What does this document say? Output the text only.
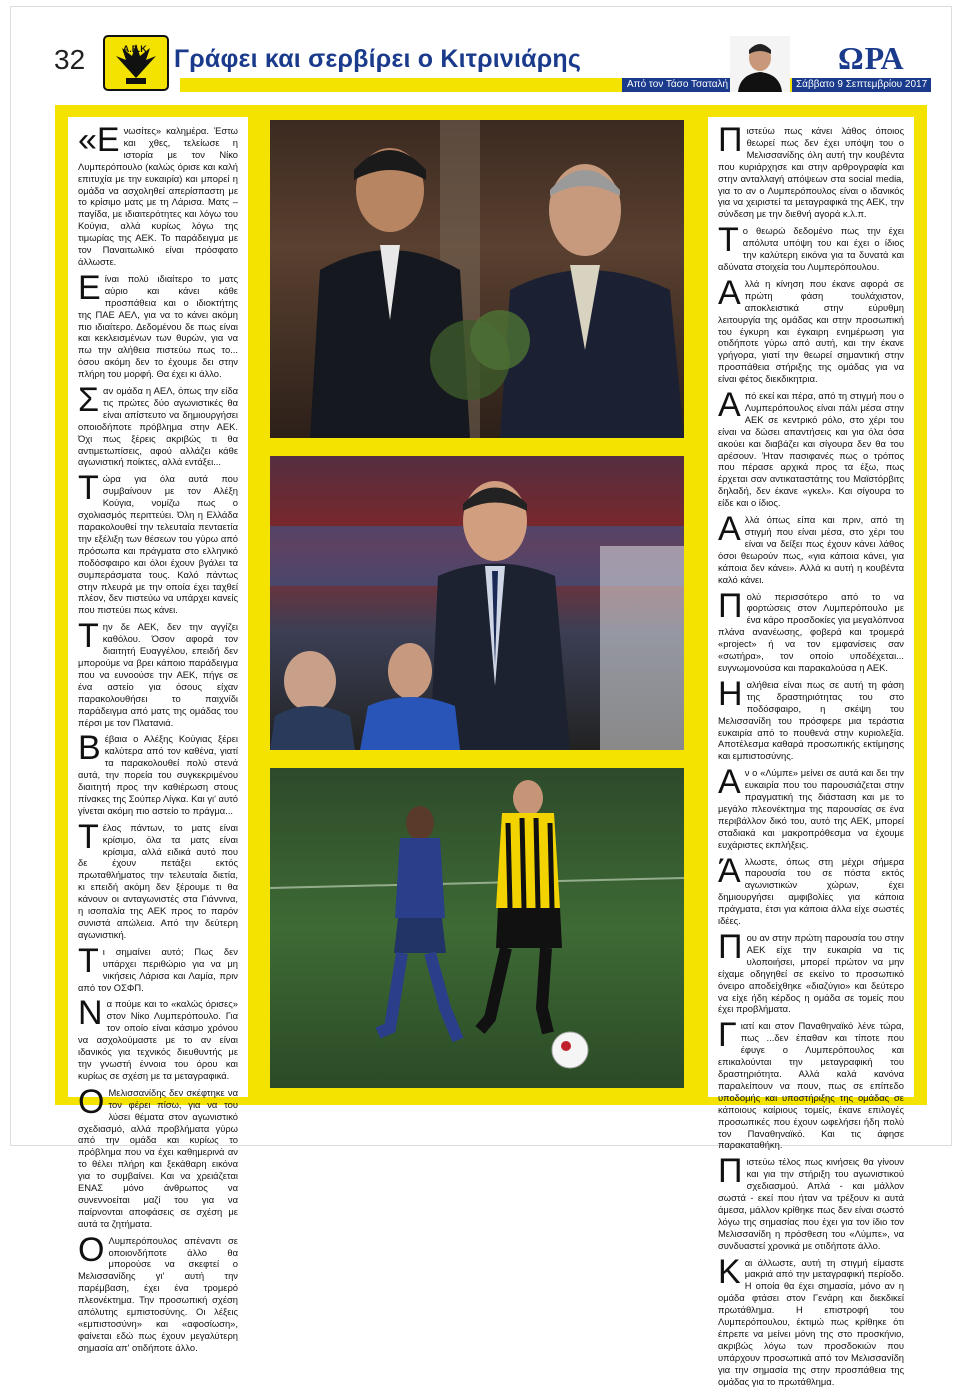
32	Α.Ε.Κ. Γράφει και σερβίρει ο Κιτρινιάρης
Από τον Τάσο Τσαταλή	Σάββατο 9 Σεπτεμβρίου 2017
ΩΡΑ

«Ενωσίτες» καλημέρα. Έστω και χθες, τελείωσε η ιστορία με τον Νίκο Λυμπερόπουλο (καλώς όρισε και καλή επιτυχία με την ευκαιρία) και μπορεί η ομάδα να ασχοληθεί απερίσπαστη με το κρίσιμο ματς με τη Λάρισα. Ματς – παγίδα, με ιδιαιτερότητες και λόγω του Κούγια, αλλά κυρίως λόγω της τιμωρίας της ΑΕΚ. Το παράδειγμα με τον Παναιτωλικό είναι πρόσφατο άλλωστε.

Είναι πολύ ιδιαίτερο το ματς αύριο και κάνει κάθε προσπάθεια και ο ιδιοκτήτης της ΠΑΕ ΑΕΛ, για να το κάνει ακόμη πιο ιδιαίτερο. Δεδομένου δε πως είναι και κεκλεισμένων των θυρών, για να πω την αλήθεια πιστεύω πως το... όσου ακόμη δεν το έχουμε δει στην πλήρη του μορφή. Θα έχει κι άλλο.

Σαν ομάδα η ΑΕΛ, όπως την είδα τις πρώτες δύο αγωνιστικές θα είναι απίστευτο να δημιουργήσει οποιοδήποτε πρόβλημα στην ΑΕΚ. Όχι πως ξέρεις ακριβώς τι θα αντιμετωπίσεις, αφού αλλάζει κάθε αγωνιστική ποίκτες, αλλά εντάξει...

Τώρα για όλα αυτά που συμβαίνουν με τον Αλέξη Κούγια, νομίζω πως ο σχολιασμός περιττεύει. Όλη η Ελλάδα παρακολουθεί την τελευταία πενταετία την εξέλιξη των θέσεων του γύρω από πρόσωπα και πράγματα στο ελληνικό ποδόσφαιρο και όλοι έχουν βγάλει τα συμπεράσματα τους. Καλό πάντως στην πλευρά με την οποία έχει ταχθεί πλέον, δεν πιστεύω να υπάρχει κανείς που πιστεύει πως κάνει.

Την δε ΑΕΚ, δεν την αγγίζει καθόλου. Όσον αφορά τον διαιτητή Ευαγγέλου, επειδή δεν μπορούμε να βρει κάποιο παράδειγμα που να ευνοούσε την ΑΕΚ, πήγε σε ένα αστείο για όσους είχαν παρακολουθήσει το παιχνίδι παράδειγμα από ματς της ομάδας του πέρσι με τον Πλατανιά.

Βέβαια ο Αλέξης Κούγιας ξέρει καλύτερα από τον καθένα, γιατί τα παρακολουθεί πολύ στενά αυτά, την πορεία του συγκεκριμένου διαιτητή προς την καθιέρωση στους πίνακες της Σούπερ Λίγκα. Και γι' αυτό γίνεται ακόμη πιο αστείο το πράγμα...

Τέλος πάντων, το ματς είναι κρίσιμο, όλα τα ματς είναι κρίσιμα, αλλά ειδικά αυτό που δε έχουν πετάξει εκτός πρωταθλήματος την τελευταία διετία, κι επειδή ακόμη δεν ξέρουμε τι θα κάνουν οι ανταγωνιστές στα Γιάννινα, η ισοπαλία της ΑΕΚ προς το παρόν συνιστά απώλεια. Από την δεύτερη αγωνιστική.

Τι σημαίνει αυτό; Πως δεν υπάρχει περιθώριο για να μη νικήσεις Λάρισα και Λαμία, πριν από τον ΟΣΦΠ.

Να πούμε και το «καλώς όρισες» στον Νίκο Λυμπερόπουλο. Για τον οποίο είναι κάσιμο χρόνου να ασχολούμαστε με το αν είναι ιδανικός για τεχνικός διευθυντής με την γνωστή έννοια του όρου και κυρίως σε σχέση με τα μεταγραφικά.

Ο Μελισσανίδης δεν σκέφτηκε να τον φέρει πίσω, για να του λύσει θέματα στον αγωνιστικό σχεδιασμό, αλλά προβλήματα γύρω από την ομάδα και κυρίως το πρόβλημα που να έχει καθημερινά αν το θέλει πλήρη και ξεκάθαρη εικόνα για το συμβαίνει. Και να χρειάζεται ΕΝΑΣ μόνο άνθρωπος να συνεννοείται μαζί του για να παίρνονται αποφάσεις σε σχέση με αυτά τα ζητήματα.

Ο Λυμπερόπουλος απέναντι σε οποιονδήποτε άλλο θα μπορούσε να σκεφτεί ο Μελισσανίδης γι' αυτή την παρέμβαση, έχει ένα τρομερό πλεονέκτημα. Την προσωπική σχέση απόλυτης εμπιστοσύνης. Οι λέξεις «εμπιστοσύνη» και «αφοσίωση», φαίνεται εδώ πως έχουν μεγαλύτερη σημασία απ' οτιδήποτε άλλο.

Πιστεύω πως κάνει λάθος όποιος θεωρεί πως δεν έχει υπόψη του ο Μελισσανίδης όλη αυτή την κουβέντα που κυριάρχησε και στην αρθρογραφία και στην ανταλλαγή απόψεων στα social media, για το αν ο Λυμπερόπουλος είναι ο ιδανικός για να χειριστεί τα μεταγραφικά της ΑΕΚ, την σύνδεση με την διεθνή αγορά κ.λ.π.

Το θεωρώ δεδομένο πως την έχει απόλυτα υπόψη του και έχει ο ίδιος την καλύτερη εικόνα για τα δυνατά και αδύνατα στοιχεία του Λυμπερόπουλου.

Αλλά η κίνηση που έκανε αφορά σε πρώτη φάση τουλάχιστον, αποκλειστικά στην εύρυθμη λειτουργία της ομάδας και στην προσωπική του έγκυρη και έγκαιρη ενημέρωση για οτιδήποτε γύρω από αυτή, και την έκανε γρήγορα, γιατί την θεωρεί σημαντική στην προσπάθεια στήριξης της ομάδας για να είναι φέτος διεκδικητρια.

Από εκεί και πέρα, από τη στιγμή που ο Λυμπερόπουλος είναι πάλι μέσα στην ΑΕΚ σε κεντρικό ρόλο, στο χέρι του είναι να δώσει απαντήσεις και για όλα όσα ακούει και διαβάζει και σίγουρα δεν θα του αρέσουν. Ήταν πασιφανές πως ο τρόπος που πέρασε αρχικά προς τα έξω, πως έρχεται σαν αντικαταστάτης του Μαϊστόρβιτς δηλαδή, δεν έκανε «γκελ». Και σίγουρα το είδε και ο ίδιος.

Αλλά όπως είπα και πριν, από τη στιγμή που είναι μέσα, στο χέρι του είναι να δείξει πως έχουν κάνει λάθος όσοι θεωρούν πως, «για κάποια κάνει, για κάποια δεν κάνει». Αλλά κι αυτή η κουβέντα καλό κάνει.

Πολύ περισσότερο από το να φορτώσεις στον Λυμπερόπουλο με ένα κάρο προσδοκίες για μεγαλόπνοα πλάνα ανανέωσης, φοβερά και τρομερά «project» ή να τον εμφανίσεις σαν «σωτήρα», τον οποίο υποδέχεται... ευγνωμονούσα και παρακαλούσα η ΑΕΚ.

Ηαλήθεια είναι πως σε αυτή τη φάση της δραστηριότητας του στο ποδόσφαιρο, η σκέψη του Μελισσανίδη του πρόσφερε μια τεράστια ευκαιρία από το πουθενά στην κυριολεξία. Αποτέλεσμα καθαρά προσωπικής εκτίμησης και εμπιστοσύνης.

Αν ο «Λύμπε» μείνει σε αυτά και δει την ευκαιρία που του παρουσιάζεται στην πραγματική της διάσταση και με το μεγάλο πλεονέκτημα της παρουσίας σε ένα περιβάλλον δικό του, αυτό της ΑΕΚ, μπορεί σταδιακά και μακροπρόθεσμα να έχουμε ευχάριστες εκπλήξεις.

Άλλωστε, όπως στη μέχρι σήμερα παρουσία του σε πόστα εκτός αγωνιστικών χώρων, έχει δημιουργήσει αμφιβολίες για κάποια πράγματα, έτσι για κάποια άλλα είχε σωστές ιδέες.

Που αν στην πρώτη παρουσία του στην ΑΕΚ είχε την ευκαιρία να τις υλοποιήσει, μπορεί πρώτον να μην είχαμε οδηγηθεί σε εκείνο το προσωπικό όνειρο αποδείχθηκε «διαζύγιο» και δεύτερο να είχε ήδη κέρδος η ομάδα σε τομείς που έχει προβλήματα.

Γιατί και στον Παναθηναϊκό λένε τώρα, πως ...δεν έπαθαν και τίποτε που έφυγε ο Λυμπερόπουλος και επικαλούνται την μεταγραφική του δραστηριότητα. Αλλά καλά κανόνα παραλείπουν να πουν, πως σε επίπεδο υποδομής και υποστήριξης της ομάδας σε κάποιους καίριους τομείς, έκανε επιλογές προσωπικές που έχουν ωφελήσει ήδη πολύ τον Παναθηναϊκό. Και τις άφησε παρακαταθήκη.

Πιστεύω τέλος πως κινήσεις θα γίνουν και για την στήριξη του αγωνιστικού σχεδιασμού. Απλά - και μάλλον σωστά - εκεί που ήταν να τρέξουν κι αυτά άμεσα, μάλλον κρίθηκε πως δεν είναι σωστό λόγω της σημασίας που έχει για τον ίδιο τον Μελισσανίδη η πρόσθεση του «Λύμπε», να συνδυαστεί χρονικά με οτιδήποτε άλλο.

Και άλλωστε, αυτή τη στιγμή είμαστε μακριά από την μεταγραφική περίοδο. Η οποία θα έχει σημασία, μόνο αν η ομάδα φτάσει στον Γενάρη και διεκδικεί πρωτάθλημα. Η επιστροφή του Λυμπερόπουλου, έκτιμώ πως κρίθηκε ότι έπρεπε να μείνει μόνη της στο προσκήνιο, ακριβώς λόγω των προσδοκιών που υπάρχουν προσωπικά από τον Μελισσανίδη για την σημασία της στην προσπάθεια της ομάδας για το πρωτάθλημα.
